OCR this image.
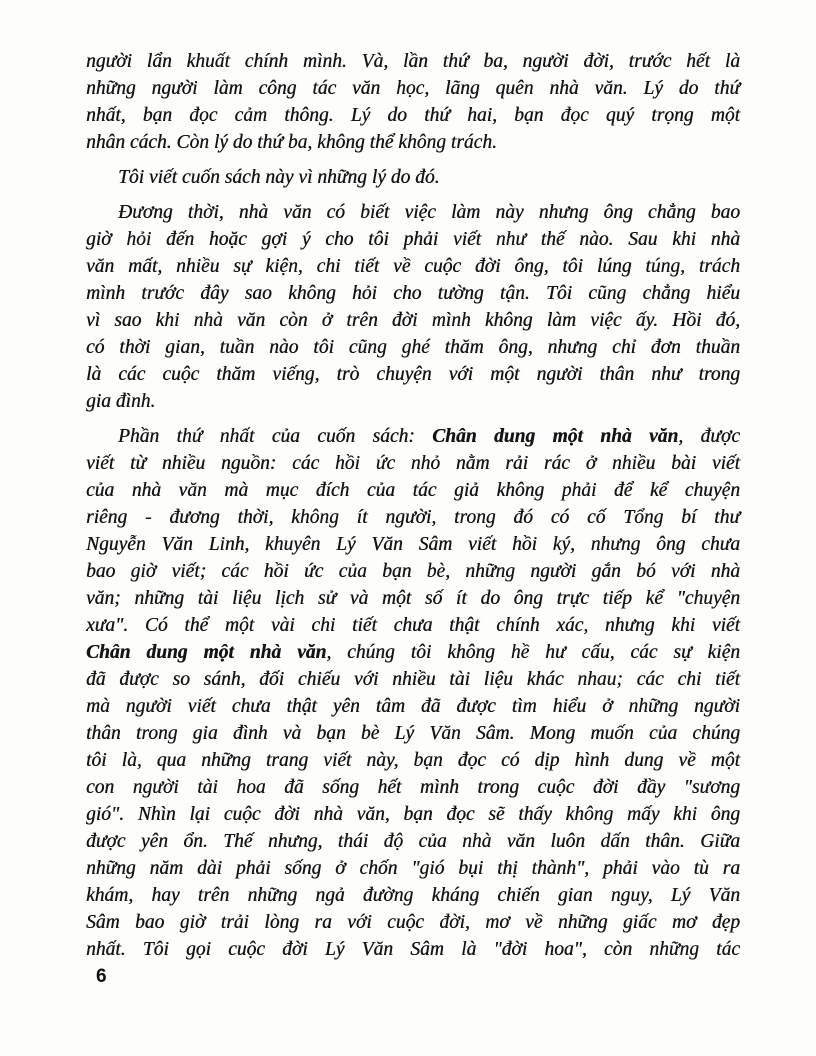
người lẩn khuất chính mình. Và, lần thứ ba, người đời, trước hết là
những người làm công tác văn học, lãng quên nhà văn. Lý do thứ
nhất, bạn đọc cảm thông. Lý do thứ hai, bạn đọc quý trọng một
nhân cách. Còn lý do thứ ba, không thể không trách.
Tôi viết cuốn sách này vì những lý do đó.
Đương thời, nhà văn có biết việc làm này nhưng ông chẳng bao
giờ hỏi đến hoặc gợi ý cho tôi phải viết như thế nào. Sau khi nhà
văn mất, nhiều sự kiện, chi tiết về cuộc đời ông, tôi lúng túng, trách
mình trước đây sao không hỏi cho tường tận. Tôi cũng chẳng hiểu
vì sao khi nhà văn còn ở trên đời mình không làm việc ấy. Hồi đó,
có thời gian, tuần nào tôi cũng ghé thăm ông, nhưng chỉ đơn thuần
là các cuộc thăm viếng, trò chuyện với một người thân như trong
gia đình.
Phần thứ nhất của cuốn sách: Chân dung một nhà văn, được
viết từ nhiều nguồn: các hồi ức nhỏ nằm rải rác ở nhiều bài viết
của nhà văn mà mục đích của tác giả không phải để kể chuyện
riêng - đương thời, không ít người, trong đó có cố Tổng bí thư
Nguyễn Văn Linh, khuyên Lý Văn Sâm viết hồi ký, nhưng ông chưa
bao giờ viết; các hồi ức của bạn bè, những người gắn bó với nhà
văn; những tài liệu lịch sử và một số ít do ông trực tiếp kể "chuyện
xưa". Có thể một vài chi tiết chưa thật chính xác, nhưng khi viết
Chân dung một nhà văn, chúng tôi không hề hư cấu, các sự kiện
đã được so sánh, đối chiếu với nhiều tài liệu khác nhau; các chi tiết
mà người viết chưa thật yên tâm đã được tìm hiểu ở những người
thân trong gia đình và bạn bè Lý Văn Sâm. Mong muốn của chúng
tôi là, qua những trang viết này, bạn đọc có dịp hình dung về một
con người tài hoa đã sống hết mình trong cuộc đời đầy "sương
gió". Nhìn lại cuộc đời nhà văn, bạn đọc sẽ thấy không mấy khi ông
được yên ổn. Thế nhưng, thái độ của nhà văn luôn dấn thân. Giữa
những năm dài phải sống ở chốn "gió bụi thị thành", phải vào tù ra
khám, hay trên những ngả đường kháng chiến gian nguy, Lý Văn
Sâm bao giờ trải lòng ra với cuộc đời, mơ về những giấc mơ đẹp
nhất. Tôi gọi cuộc đời Lý Văn Sâm là "đời hoa", còn những tác
6
